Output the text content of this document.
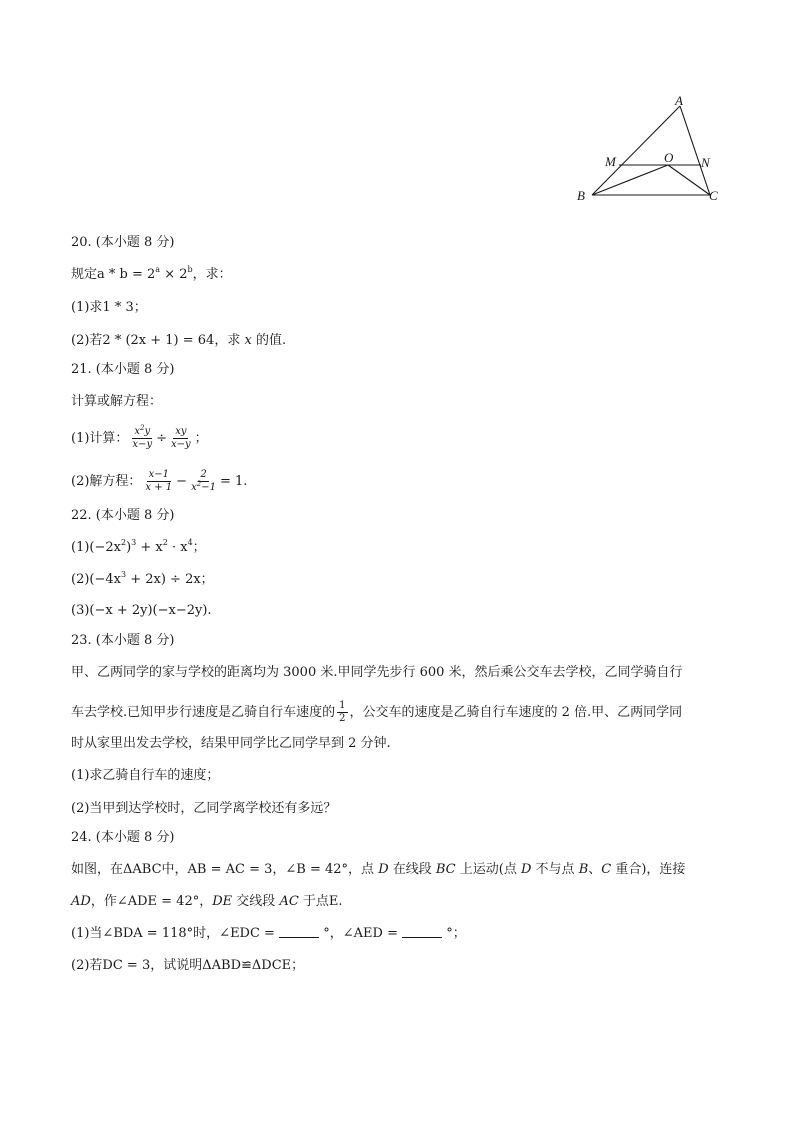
A
M	O N
B	C
20. (本小题 8 分)
规定$a * b = 2^a \times 2^b$，求：
(1)求1 * 3；
(2)若2 * (2x + 1) = 64，求 x 的值.
21. (本小题 8 分)
计算或解方程：
(1)计算： $\frac{x^2y}{x-y} \div \frac{xy}{x-y}$ ；
(2)解方程： $\frac{x-1}{x + 1} - \frac{2}{x^2-1} = 1$.
22. (本小题 8 分)
$(1)(-2x^2)^3 + x^2 \cdot x^4$；
$(2)(-4x^3 + 2x) \div 2x$；
(3)(−x + 2y)(−x−2y).
23. (本小题 8 分)
甲、乙两同学的家与学校的距离均为 3000 米.甲同学先步行 600 米，然后乘公交车去学校，乙同学骑自行
车去学校.已知甲步行速度是乙骑自行车速度的 $\frac{1}{2}$ ，公交车的速度是乙骑自行车速度的 2 倍.甲、乙两同学同
时从家里出发去学校，结果甲同学比乙同学早到 2 分钟.
(1)求乙骑自行车的速度；
(2)当甲到达学校时，乙同学离学校还有多远？
24. (本小题 8 分)
如图，在ΔABC中，AB = AC = 3，∠B = 42°，点 D 在线段 BC 上运动(点 D 不与点 B、C 重合)，连接
AD，作∠ADE = 42°，DE 交线段 AC 于点E.
(1)当∠BDA = 118°时，∠EDC =	°，∠AED =	°；
(2)若DC = 3，试说明ΔABD≌ΔDCE；
